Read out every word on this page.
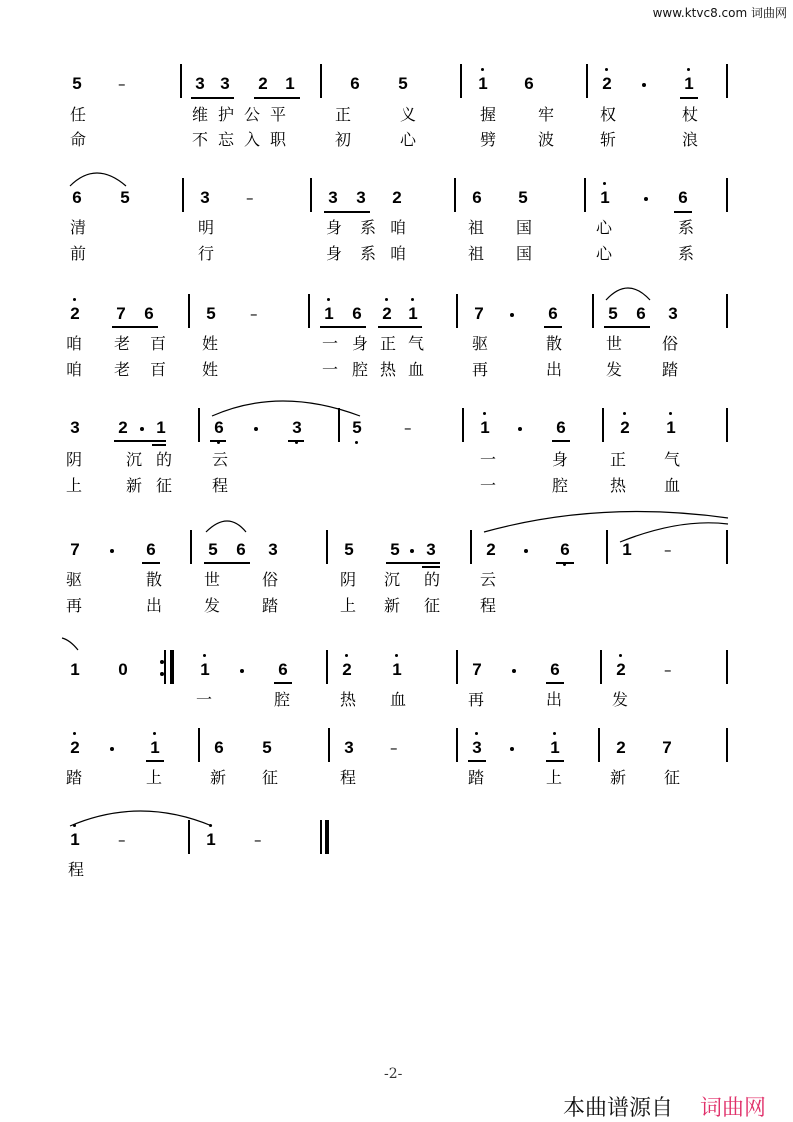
www.ktvc8.com 词曲网
5 –	3 3 2 1	6 5	1 6	2	1
任	维 护 公 平	正	义	握	牢	权	杖
命	不 忘 入 职	初	心	劈	波	斩	浪
6 5	3 –	3 3 2	6 5	1	6
清	明	身 系 咱	祖 国	心	系
前	行	身 系 咱	祖 国	心	系
2 7 6	5 –	1 6 2 1	7	6	5 6 3
咱 老 百 姓	一 身 正 气	驱	散	世 俗
咱 老 百 姓	一 腔 热 血	再	出	发 踏
3 2 1	6	3	5	–	1	6	2 1
阴	沉 的 云	一	身	正 气
上	新 征 程	一	腔	热 血
7	6	5 6 3	5 5 3	2	6	1 –
驱	散	世	俗	阴 沉 的 云
再	出	发	踏	上 新 征 程
1 0	1	6	2 1	7	6	2	–
一	腔	热 血	再	出	发
2	1	6 5	3 –	3	1	2 7
踏	上	新 征	程	踏	上	新 征
1	–	1	–
程
-2-
本曲谱源自 词曲网
